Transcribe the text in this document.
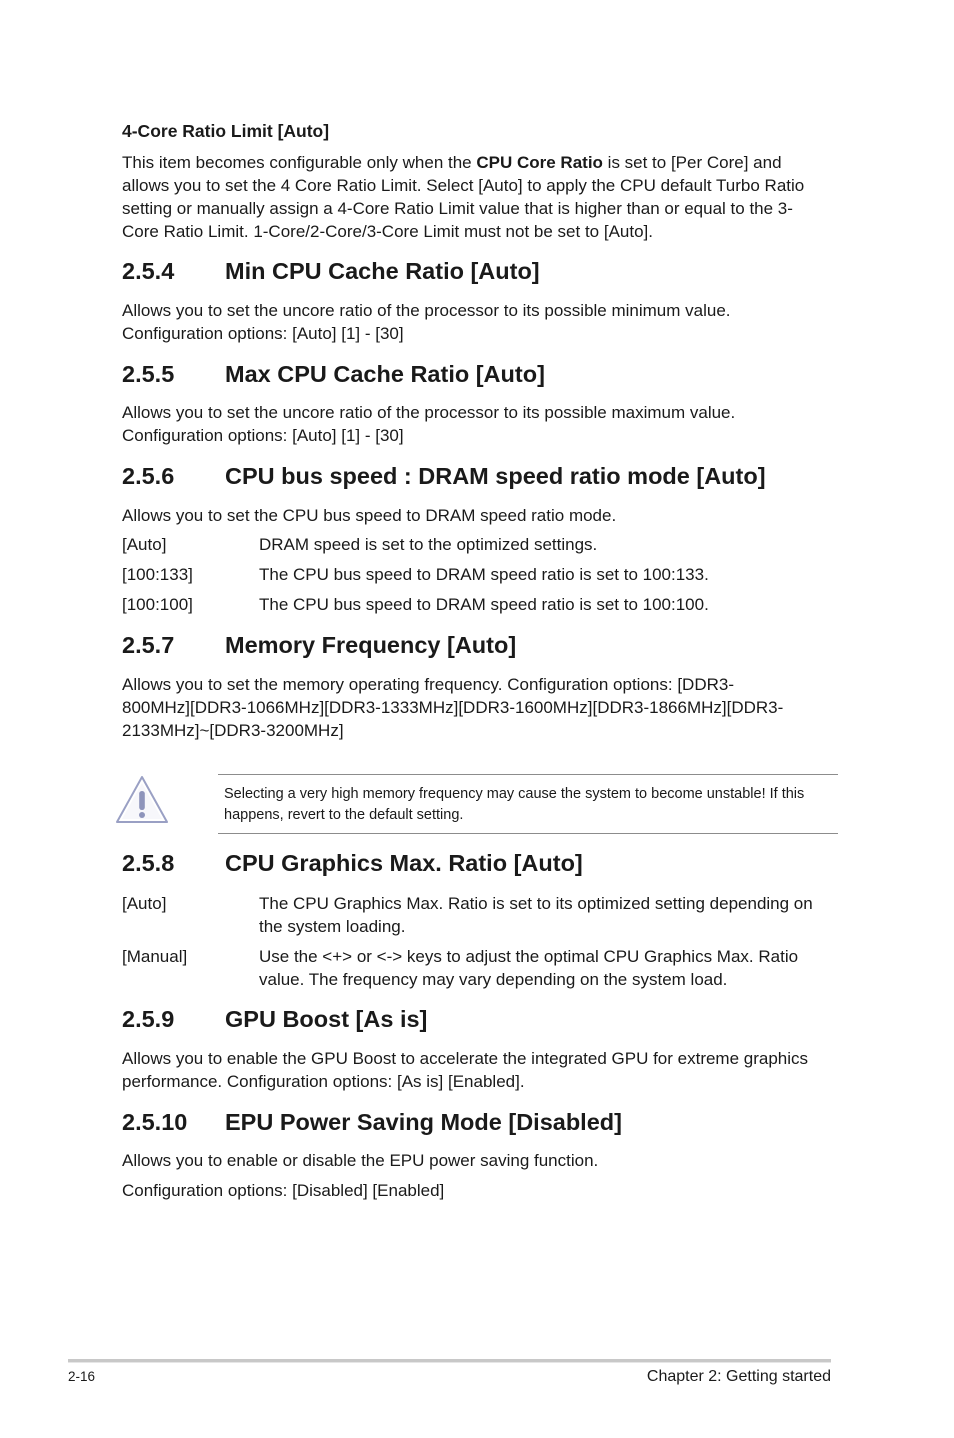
4-Core Ratio Limit [Auto]

This item becomes configurable only when the CPU Core Ratio is set to [Per Core] and allows you to set the 4 Core Ratio Limit. Select [Auto] to apply the CPU default Turbo Ratio setting or manually assign a 4-Core Ratio Limit value that is higher than or equal to the 3-Core Ratio Limit. 1-Core/2-Core/3-Core Limit must not be set to [Auto].

2.5.4 Min CPU Cache Ratio [Auto]
Allows you to set the uncore ratio of the processor to its possible minimum value.
Configuration options: [Auto] [1] - [30]
2.5.5 Max CPU Cache Ratio [Auto]
Allows you to set the uncore ratio of the processor to its possible maximum value.
Configuration options: [Auto] [1] - [30]
2.5.6 CPU bus speed : DRAM speed ratio mode [Auto]
Allows you to set the CPU bus speed to DRAM speed ratio mode.
[Auto]	DRAM speed is set to the optimized settings.
[100:133]	The CPU bus speed to DRAM speed ratio is set to 100:133.
[100:100]	The CPU bus speed to DRAM speed ratio is set to 100:100.
2.5.7 Memory Frequency [Auto]
Allows you to set the memory operating frequency. Configuration options: [DDR3-
800MHz][DDR3-1066MHz][DDR3-1333MHz][DDR3-1600MHz][DDR3-1866MHz][DDR3-
2133MHz]~[DDR3-3200MHz]
Selecting a very high memory frequency may cause the system to become unstable! If this
happens, revert to the default setting.
2.5.8 CPU Graphics Max. Ratio [Auto]
[Auto]	The CPU Graphics Max. Ratio is set to its optimized setting depending on
the system loading.
[Manual]	Use the <+> or <-> keys to adjust the optimal CPU Graphics Max. Ratio
value. The frequency may vary depending on the system load.
2.5.9 GPU Boost [As is]
Allows you to enable the GPU Boost to accelerate the integrated GPU for extreme graphics
performance. Configuration options: [As is] [Enabled].
2.5.10 EPU Power Saving Mode [Disabled]
Allows you to enable or disable the EPU power saving function.
Configuration options: [Disabled] [Enabled]
2-16	Chapter 2: Getting started
